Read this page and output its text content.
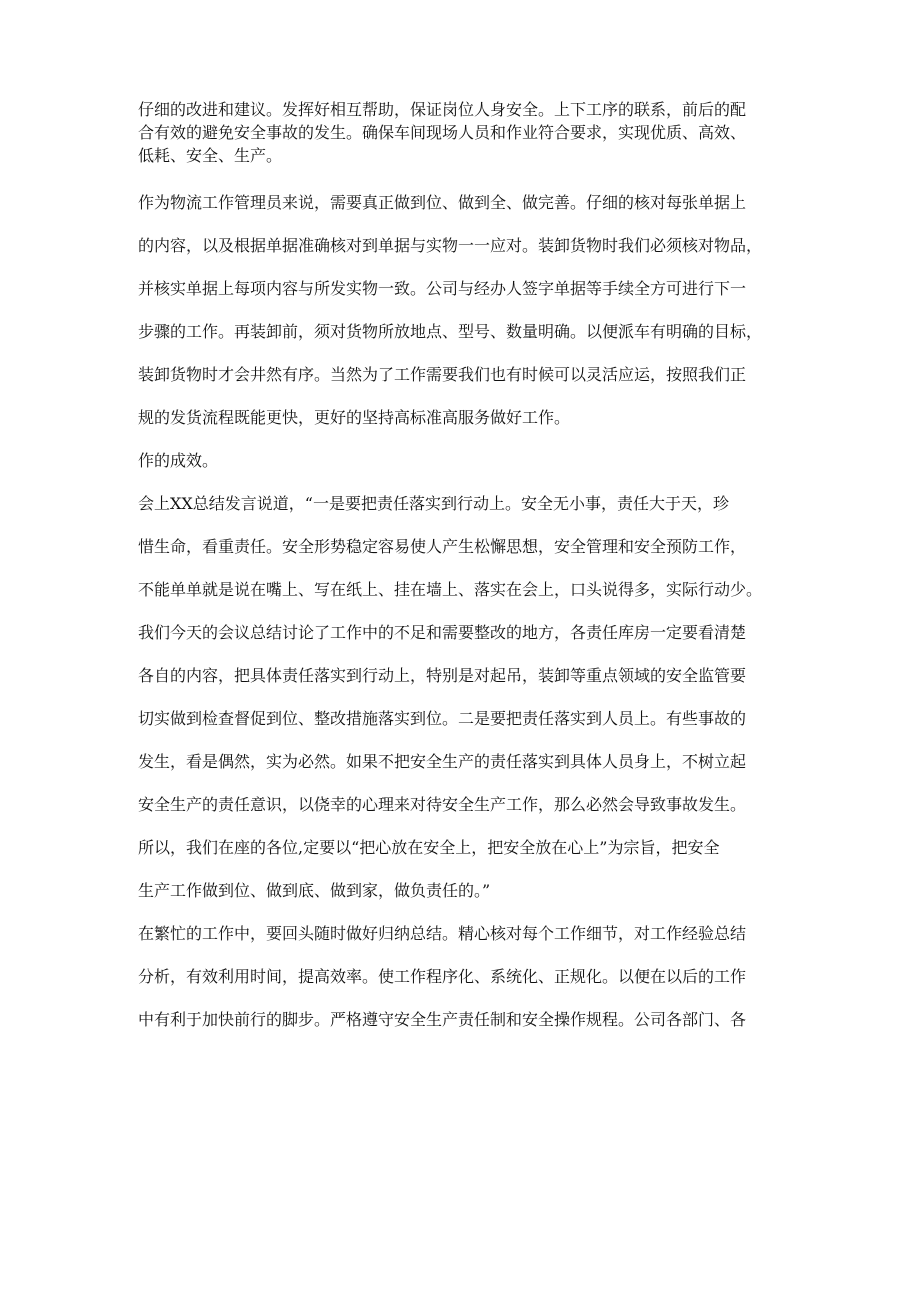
仔细的改进和建议。发挥好相互帮助，保证岗位人身安全。上下工序的联系，前后的配
合有效的避免安全事故的发生。确保车间现场人员和作业符合要求，实现优质、高效、
低耗、安全、生产。

作为物流工作管理员来说，需要真正做到位、做到全、做完善。仔细的核对每张单据上
的内容，以及根据单据准确核对到单据与实物一一应对。装卸货物时我们必须核对物品，
并核实单据上每项内容与所发实物一致。公司与经办人签字单据等手续全方可进行下一
步骤的工作。再装卸前，须对货物所放地点、型号、数量明确。以便派车有明确的目标，
装卸货物时才会井然有序。当然为了工作需要我们也有时候可以灵活应运，按照我们正
规的发货流程既能更快，更好的坚持高标准高服务做好工作。

作的成效。

会上XX总结发言说道，“一是要把责任落实到行动上。安全无小事，责任大于天，珍
惜生命，看重责任。安全形势稳定容易使人产生松懈思想，安全管理和安全预防工作，
不能单单就是说在嘴上、写在纸上、挂在墙上、落实在会上，口头说得多，实际行动少。
我们今天的会议总结讨论了工作中的不足和需要整改的地方，各责任库房一定要看清楚
各自的内容，把具体责任落实到行动上，特别是对起吊，装卸等重点领域的安全监管要
切实做到检查督促到位、整改措施落实到位。二是要把责任落实到人员上。有些事故的
发生，看是偶然，实为必然。如果不把安全生产的责任落实到具体人员身上，不树立起
安全生产的责任意识，以侥幸的心理来对待安全生产工作，那么必然会导致事故发生。
所以，我们在座的各位,定要以“把心放在安全上，把安全放在心上”为宗旨，把安全
生产工作做到位、做到底、做到家，做负责任的。”

在繁忙的工作中，要回头随时做好归纳总结。精心核对每个工作细节，对工作经验总结
分析，有效利用时间，提高效率。使工作程序化、系统化、正规化。以便在以后的工作
中有利于加快前行的脚步。严格遵守安全生产责任制和安全操作规程。公司各部门、各
